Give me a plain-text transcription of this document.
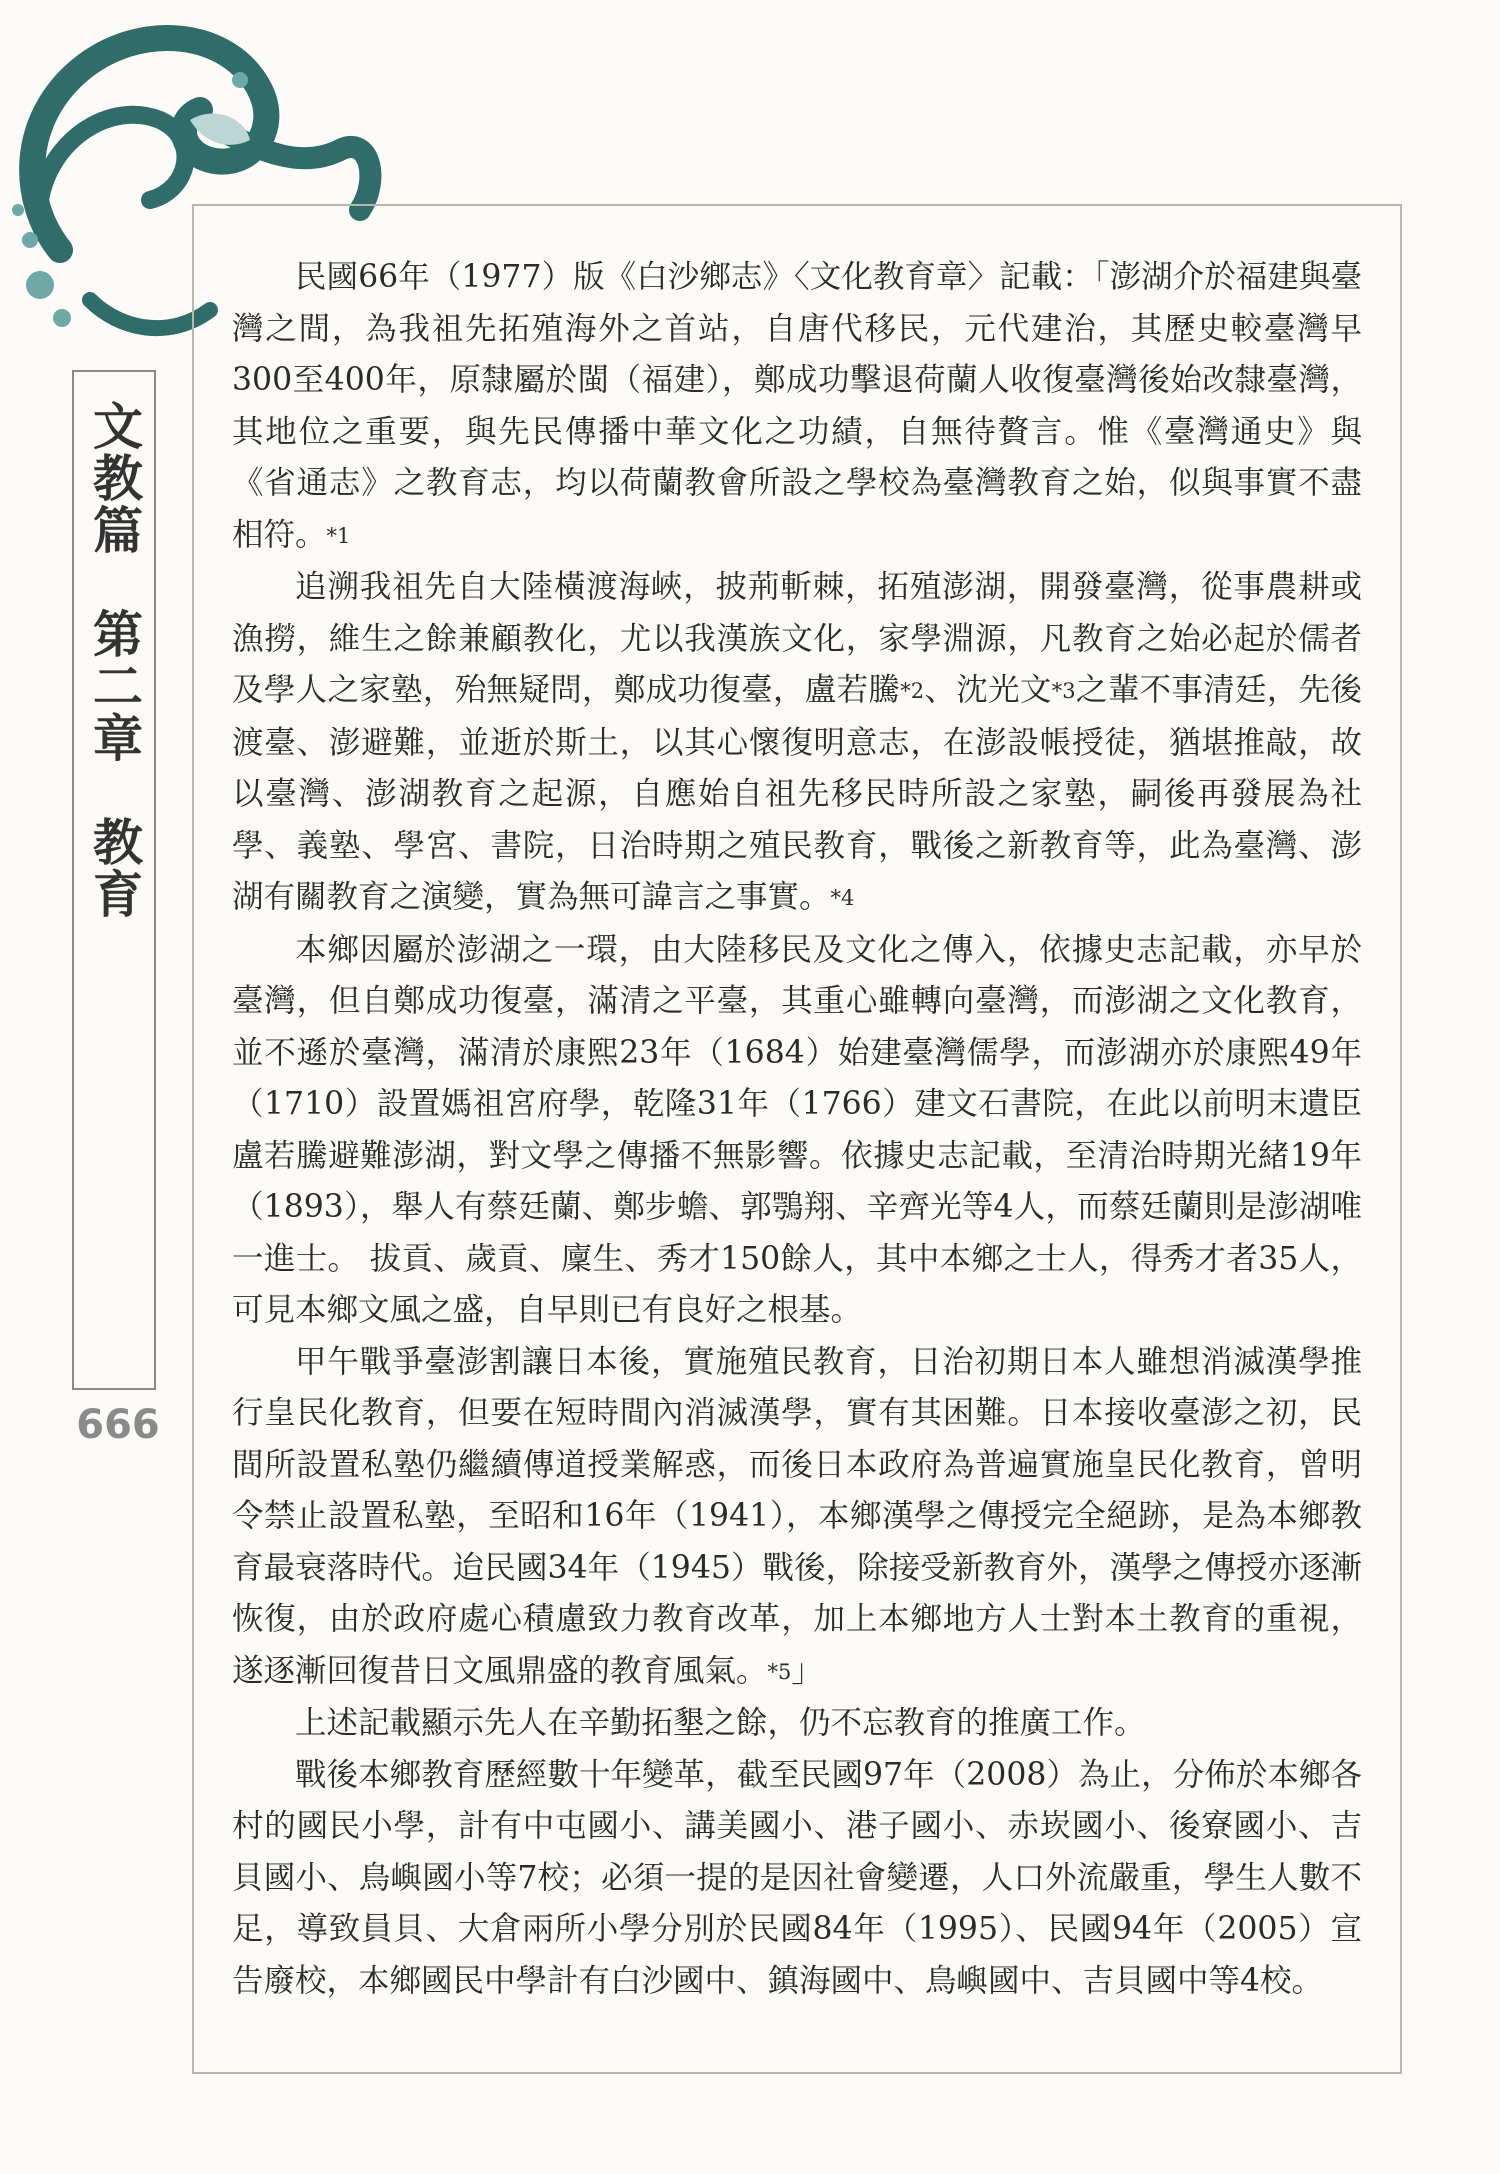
文教篇　第二章　教育
666

民國66年（1977）版《白沙鄉志》〈文化教育章〉記載：「澎湖介於福建與臺灣之間，為我祖先拓殖海外之首站，自唐代移民，元代建治，其歷史較臺灣早300至400年，原隸屬於閩（福建），鄭成功擊退荷蘭人收復臺灣後始改隸臺灣，其地位之重要，與先民傳播中華文化之功績，自無待贅言。惟《臺灣通史》與《省通志》之教育志，均以荷蘭教會所設之學校為臺灣教育之始，似與事實不盡相符。*1

追溯我祖先自大陸橫渡海峽，披荊斬棘，拓殖澎湖，開發臺灣，從事農耕或漁撈，維生之餘兼顧教化，尤以我漢族文化，家學淵源，凡教育之始必起於儒者及學人之家塾，殆無疑問，鄭成功復臺，盧若騰*2、沈光文*3之輩不事清廷，先後渡臺、澎避難，並逝於斯土，以其心懷復明意志，在澎設帳授徒，猶堪推敲，故以臺灣、澎湖教育之起源，自應始自祖先移民時所設之家塾，嗣後再發展為社學、義塾、學宮、書院，日治時期之殖民教育，戰後之新教育等，此為臺灣、澎湖有關教育之演變，實為無可諱言之事實。*4

本鄉因屬於澎湖之一環，由大陸移民及文化之傳入，依據史志記載，亦早於臺灣，但自鄭成功復臺，滿清之平臺，其重心雖轉向臺灣，而澎湖之文化教育，並不遜於臺灣，滿清於康熙23年（1684）始建臺灣儒學，而澎湖亦於康熙49年（1710）設置媽祖宮府學，乾隆31年（1766）建文石書院，在此以前明末遺臣盧若騰避難澎湖，對文學之傳播不無影響。依據史志記載，至清治時期光緒19年（1893），舉人有蔡廷蘭、鄭步蟾、郭鶚翔、辛齊光等4人，而蔡廷蘭則是澎湖唯一進士。 拔貢、歲貢、廩生、秀才150餘人，其中本鄉之士人，得秀才者35人，可見本鄉文風之盛，自早則已有良好之根基。

甲午戰爭臺澎割讓日本後，實施殖民教育，日治初期日本人雖想消滅漢學推行皇民化教育，但要在短時間內消滅漢學，實有其困難。日本接收臺澎之初，民間所設置私塾仍繼續傳道授業解惑，而後日本政府為普遍實施皇民化教育，曾明令禁止設置私塾，至昭和16年（1941），本鄉漢學之傳授完全絕跡，是為本鄉教育最衰落時代。迨民國34年（1945）戰後，除接受新教育外，漢學之傳授亦逐漸恢復，由於政府處心積慮致力教育改革，加上本鄉地方人士對本土教育的重視，遂逐漸回復昔日文風鼎盛的教育風氣。*5」

上述記載顯示先人在辛勤拓墾之餘，仍不忘教育的推廣工作。

戰後本鄉教育歷經數十年變革，截至民國97年（2008）為止，分佈於本鄉各村的國民小學，計有中屯國小、講美國小、港子國小、赤崁國小、後寮國小、吉貝國小、鳥嶼國小等7校；必須一提的是因社會變遷，人口外流嚴重，學生人數不足，導致員貝、大倉兩所小學分別於民國84年（1995）、民國94年（2005）宣告廢校，本鄉國民中學計有白沙國中、鎮海國中、鳥嶼國中、吉貝國中等4校。
